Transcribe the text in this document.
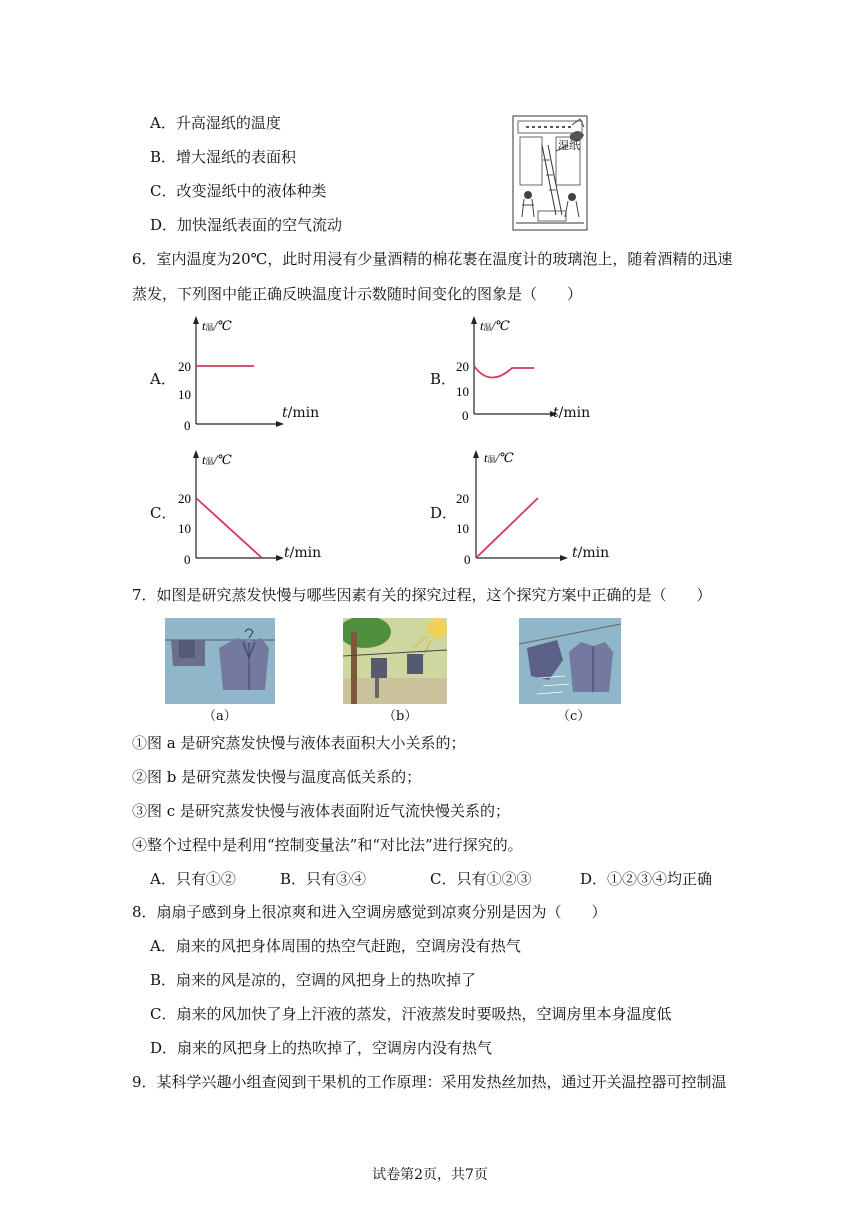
A．升高湿纸的温度
B．增大湿纸的表面积
C．改变湿纸中的液体种类
D．加快湿纸表面的空气流动
湿纸
6．室内温度为20℃，此时用浸有少量酒精的棉花裹在温度计的玻璃泡上，随着酒精的迅速
蒸发，下列图中能正确反映温度计示数随时间变化的图象是（　　）
A．
20
10
0
t温/℃
t/min
B．
20
10
0
t温/℃
t/min
C．
20
10
0
t温/℃
t/min
D．
20
10
0
t温/℃
t/min
7．如图是研究蒸发快慢与哪些因素有关的探究过程，这个探究方案中正确的是（　　）
（a）	（b）	（c）
①图 a 是研究蒸发快慢与液体表面积大小关系的；
②图 b 是研究蒸发快慢与温度高低关系的；
③图 c 是研究蒸发快慢与液体表面附近气流快慢关系的；
④整个过程中是利用“控制变量法”和“对比法”进行探究的。
A．只有①②	B．只有③④	C．只有①②③	D．①②③④均正确
8．扇扇子感到身上很凉爽和进入空调房感觉到凉爽分别是因为（　　）
A．扇来的风把身体周围的热空气赶跑，空调房没有热气
B．扇来的风是凉的，空调的风把身上的热吹掉了
C．扇来的风加快了身上汗液的蒸发，汗液蒸发时要吸热，空调房里本身温度低
D．扇来的风把身上的热吹掉了，空调房内没有热气
9．某科学兴趣小组查阅到干果机的工作原理：采用发热丝加热，通过开关温控器可控制温
试卷第2页，共7页
